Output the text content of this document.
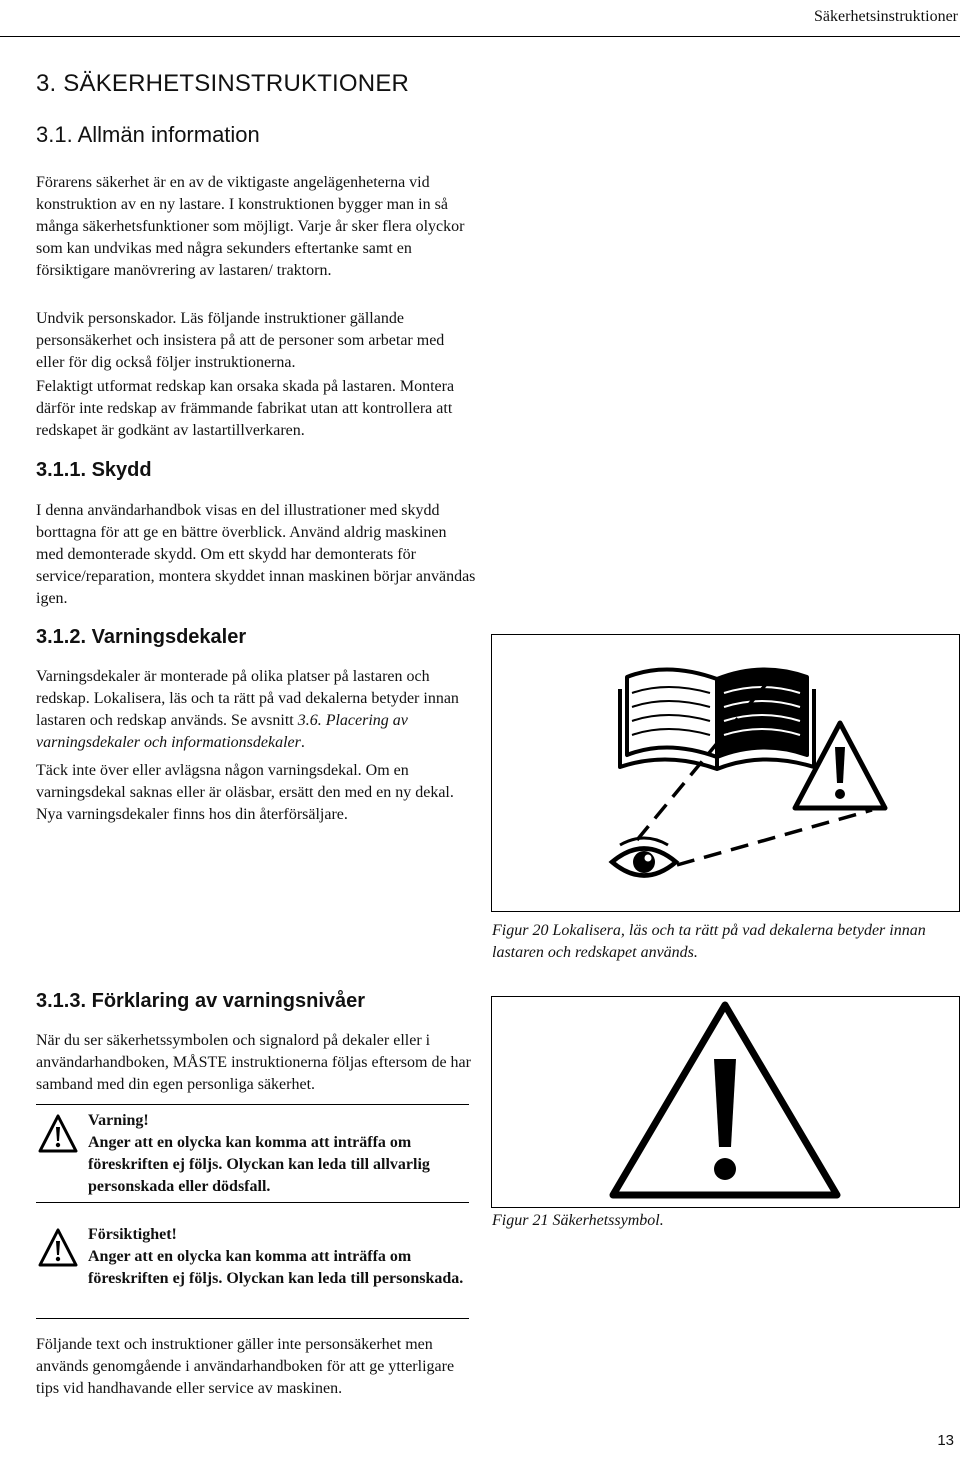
Säkerhetsinstruktioner
3. SÄKERHETSINSTRUKTIONER
3.1. Allmän information
Förarens säkerhet är en av de viktigaste angelägenheterna vid konstruktion av en ny lastare. I konstruktionen bygger man in så många säkerhetsfunktioner som möjligt. Varje år sker flera olyckor som kan undvikas med några sekunders eftertanke samt en försiktigare manövrering av lastaren/ traktorn.
Undvik personskador. Läs följande instruktioner gällande personsäkerhet och insistera på att de personer som arbetar med eller för dig också följer instruktionerna.
Felaktigt utformat redskap kan orsaka skada på lastaren. Montera därför inte redskap av främmande fabrikat utan att kontrollera att redskapet är godkänt av lastartillverkaren.
3.1.1. Skydd
I denna användarhandbok visas en del illustrationer med skydd borttagna för att ge en bättre överblick. Använd aldrig maskinen med demonterade skydd. Om ett skydd har demonterats för service/reparation, montera skyddet innan maskinen börjar användas igen.
3.1.2. Varningsdekaler
Varningsdekaler är monterade på olika platser på lastaren och redskap. Lokalisera, läs och ta rätt på vad dekalerna betyder innan lastaren och redskap används. Se avsnitt 3.6. Placering av varningsdekaler och informationsdekaler.
Täck inte över eller avlägsna någon varningsdekal. Om en varningsdekal saknas eller är oläsbar, ersätt den med en ny dekal. Nya varningsdekaler finns hos din återförsäljare.
Figur 20 Lokalisera, läs och ta rätt på vad dekalerna betyder innan lastaren och redskapet används.
3.1.3. Förklaring av varningsnivåer
När du ser säkerhetssymbolen och signalord på dekaler eller i användarhandboken, MÅSTE instruktionerna följas eftersom de har samband med din egen personliga säkerhet.
Varning!
Anger att en olycka kan komma att inträffa om föreskriften ej följs. Olyckan kan leda till allvarlig personskada eller dödsfall.
Försiktighet!
Anger att en olycka kan komma att inträffa om föreskriften ej följs. Olyckan kan leda till personskada.
Figur 21 Säkerhetssymbol.
Följande text och instruktioner gäller inte personsäkerhet men används genomgående i användarhandboken för att ge ytterligare tips vid handhavande eller service av maskinen.
13
